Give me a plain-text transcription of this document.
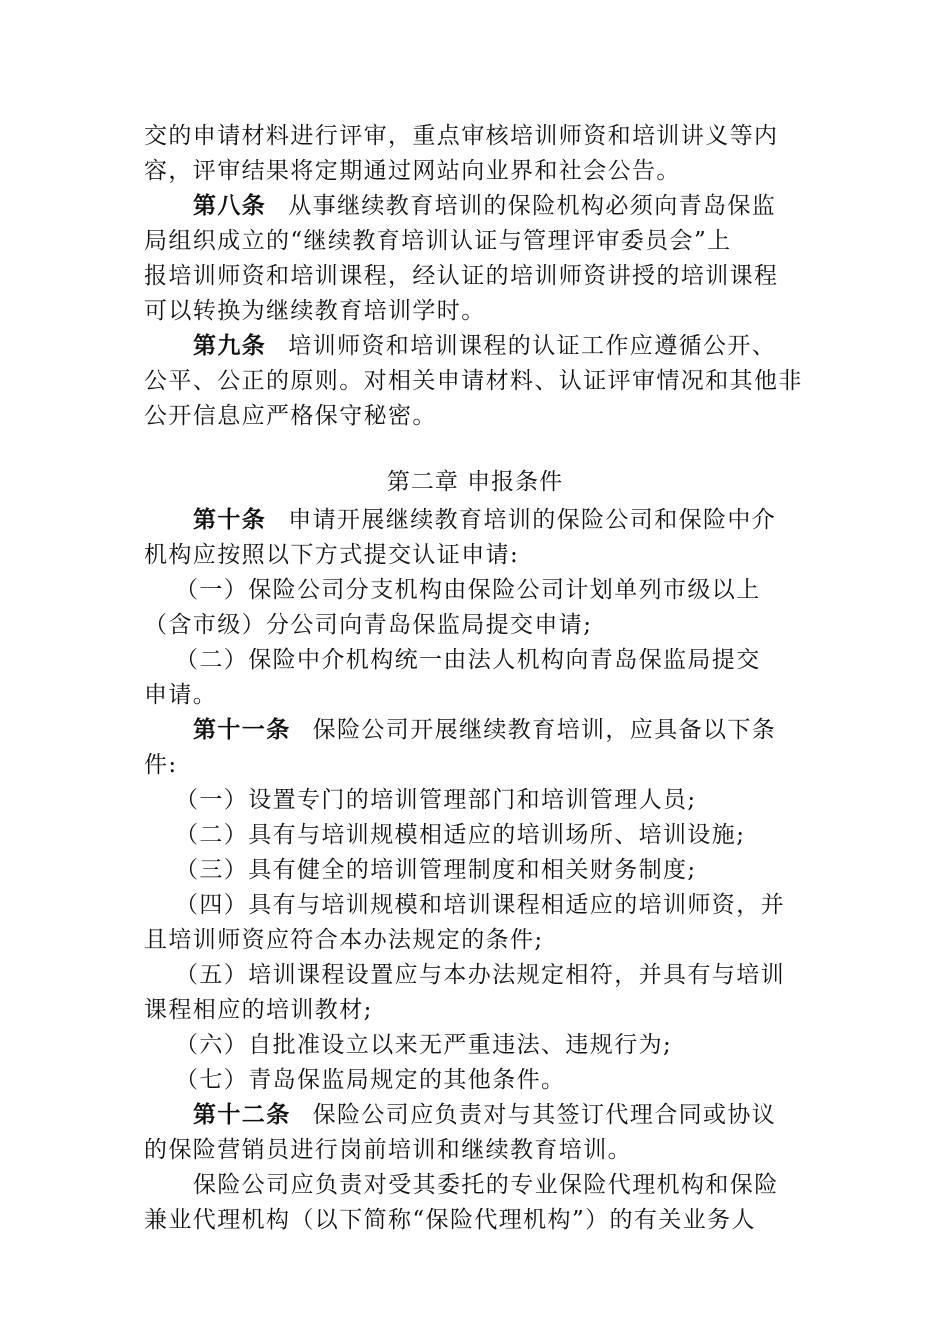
交的申请材料进行评审，重点审核培训师资和培训讲义等内
容，评审结果将定期通过网站向业界和社会公告。
第八条 从事继续教育培训的保险机构必须向青岛保监
局组织成立的“继续教育培训认证与管理评审委员会”上
报培训师资和培训课程，经认证的培训师资讲授的培训课程
可以转换为继续教育培训学时。
第九条 培训师资和培训课程的认证工作应遵循公开、
公平、公正的原则。对相关申请材料、认证评审情况和其他非
公开信息应严格保守秘密。
第二章 申报条件
第十条 申请开展继续教育培训的保险公司和保险中介
机构应按照以下方式提交认证申请:
（一）保险公司分支机构由保险公司计划单列市级以上
（含市级）分公司向青岛保监局提交申请;
（二）保险中介机构统一由法人机构向青岛保监局提交
申请。
第十一条 保险公司开展继续教育培训，应具备以下条
件:
（一）设置专门的培训管理部门和培训管理人员;
（二）具有与培训规模相适应的培训场所、培训设施;
（三）具有健全的培训管理制度和相关财务制度;
（四）具有与培训规模和培训课程相适应的培训师资，并
且培训师资应符合本办法规定的条件;
（五）培训课程设置应与本办法规定相符，并具有与培训
课程相应的培训教材;
（六）自批准设立以来无严重违法、违规行为;
（七）青岛保监局规定的其他条件。
第十二条 保险公司应负责对与其签订代理合同或协议
的保险营销员进行岗前培训和继续教育培训。
保险公司应负责对受其委托的专业保险代理机构和保险
兼业代理机构（以下简称“保险代理机构”）的有关业务人
